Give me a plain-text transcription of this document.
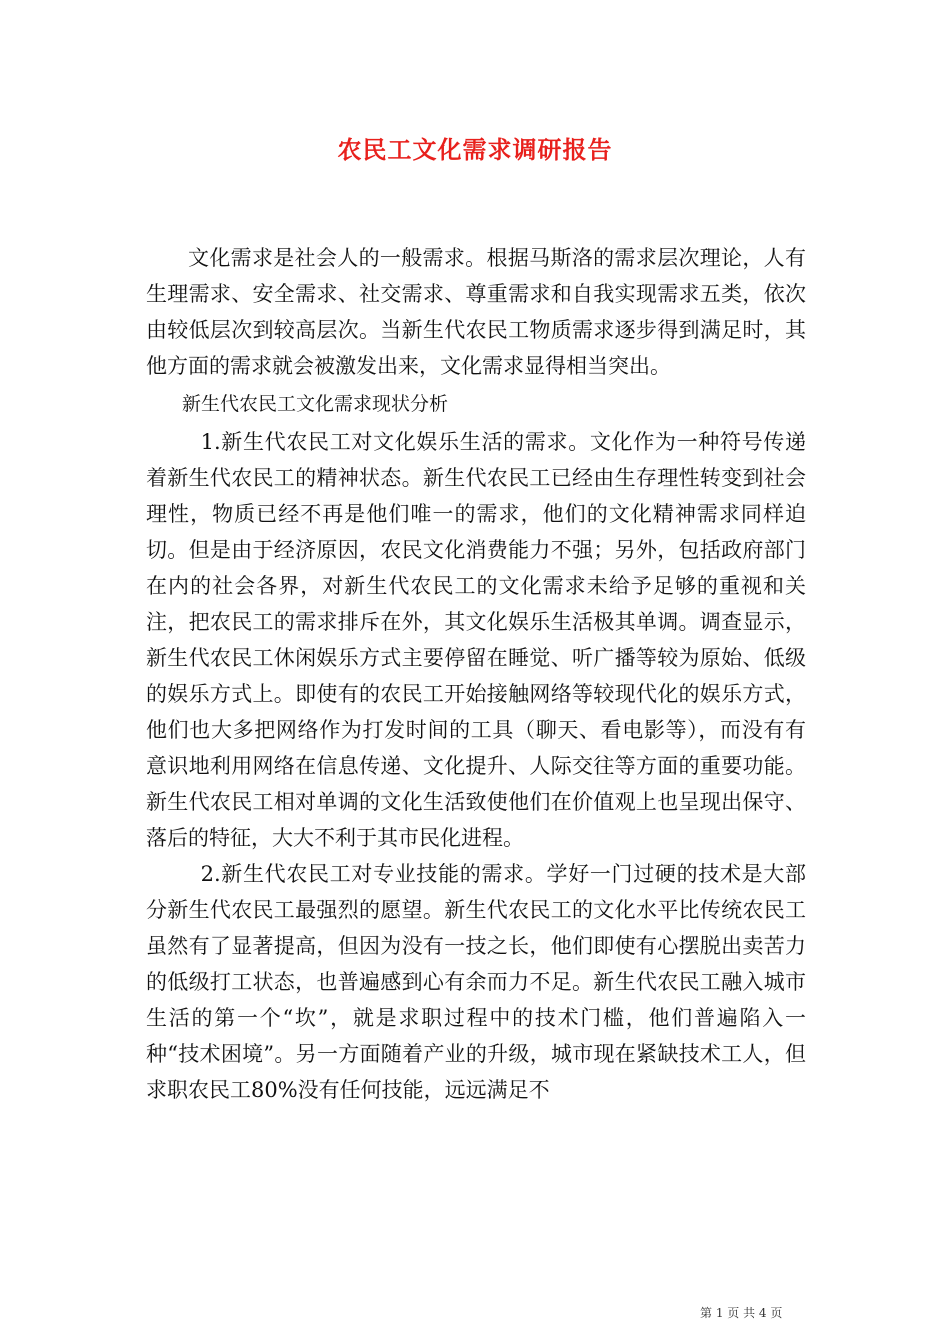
农民工文化需求调研报告

文化需求是社会人的一般需求。根据马斯洛的需求层次理论，人有生理需求、安全需求、社交需求、尊重需求和自我实现需求五类，依次由较低层次到较高层次。当新生代农民工物质需求逐步得到满足时，其他方面的需求就会被激发出来，文化需求显得相当突出。

新生代农民工文化需求现状分析

1.新生代农民工对文化娱乐生活的需求。文化作为一种符号传递着新生代农民工的精神状态。新生代农民工已经由生存理性转变到社会理性，物质已经不再是他们唯一的需求，他们的文化精神需求同样迫切。但是由于经济原因，农民文化消费能力不强；另外，包括政府部门在内的社会各界，对新生代农民工的文化需求未给予足够的重视和关注，把农民工的需求排斥在外，其文化娱乐生活极其单调。调查显示，新生代农民工休闲娱乐方式主要停留在睡觉、听广播等较为原始、低级的娱乐方式上。即使有的农民工开始接触网络等较现代化的娱乐方式，他们也大多把网络作为打发时间的工具（聊天、看电影等），而没有有意识地利用网络在信息传递、文化提升、人际交往等方面的重要功能。新生代农民工相对单调的文化生活致使他们在价值观上也呈现出保守、落后的特征，大大不利于其市民化进程。

2.新生代农民工对专业技能的需求。学好一门过硬的技术是大部分新生代农民工最强烈的愿望。新生代农民工的文化水平比传统农民工虽然有了显著提高，但因为没有一技之长，他们即使有心摆脱出卖苦力的低级打工状态，也普遍感到心有余而力不足。新生代农民工融入城市生活的第一个“坎”，就是求职过程中的技术门槛，他们普遍陷入一种“技术困境”。另一方面随着产业的升级，城市现在紧缺技术工人，但求职农民工80%没有任何技能，远远满足不

第 1 页 共 4 页
